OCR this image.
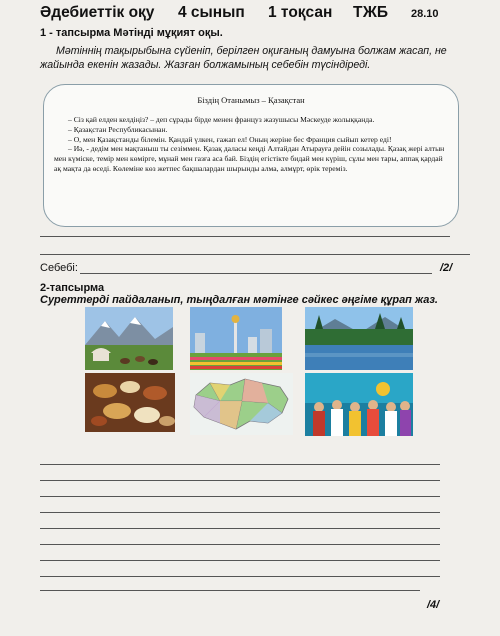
Әдебиеттік оқу 4 сынып 1 тоқсан ТЖБ 28.10
1 - тапсырма Мәтінді мұқият оқы.
Мәтіннің тақырыбына сүйеніп, берілген оқиғаның дамуына болжам жасап, не жайында екенін жазады. Жазған болжамының себебін түсіндіреді.
Біздің Отанымыз – Қазақстан

– Сіз қай елден келдіңіз? – деп сұрады бірде менен француз жазушысы Мәскеуде жолыққанда.

– Қазақстан Республикасынан.

– О, мен Қазақстанды білемін. Қандай үлкен, ғажап ел! Оның жеріне бес Франция сыйып кетер еді!

– Иә, - дедім мен мақтаныш ты сезіммен. Қазақ даласы кеңді Алтайдан Атырауға дейін созылады. Қазақ жері алтын мен күміске, темір мен көмірге, мұнай мен газға аса бай. Біздің егістікте бидай мен күріш, сұлы мен тары, аппақ қардай ақ мақта да өседі. Көлеміне көз жетпес бақшалардан шырынды алма, алмұрт, өрік тереміз.

Себебі:	/2/
2-тапсырма
Суреттерді пайдаланып, тыңдалған мәтінге сәйкес әңгіме құрап жаз.
/4/
